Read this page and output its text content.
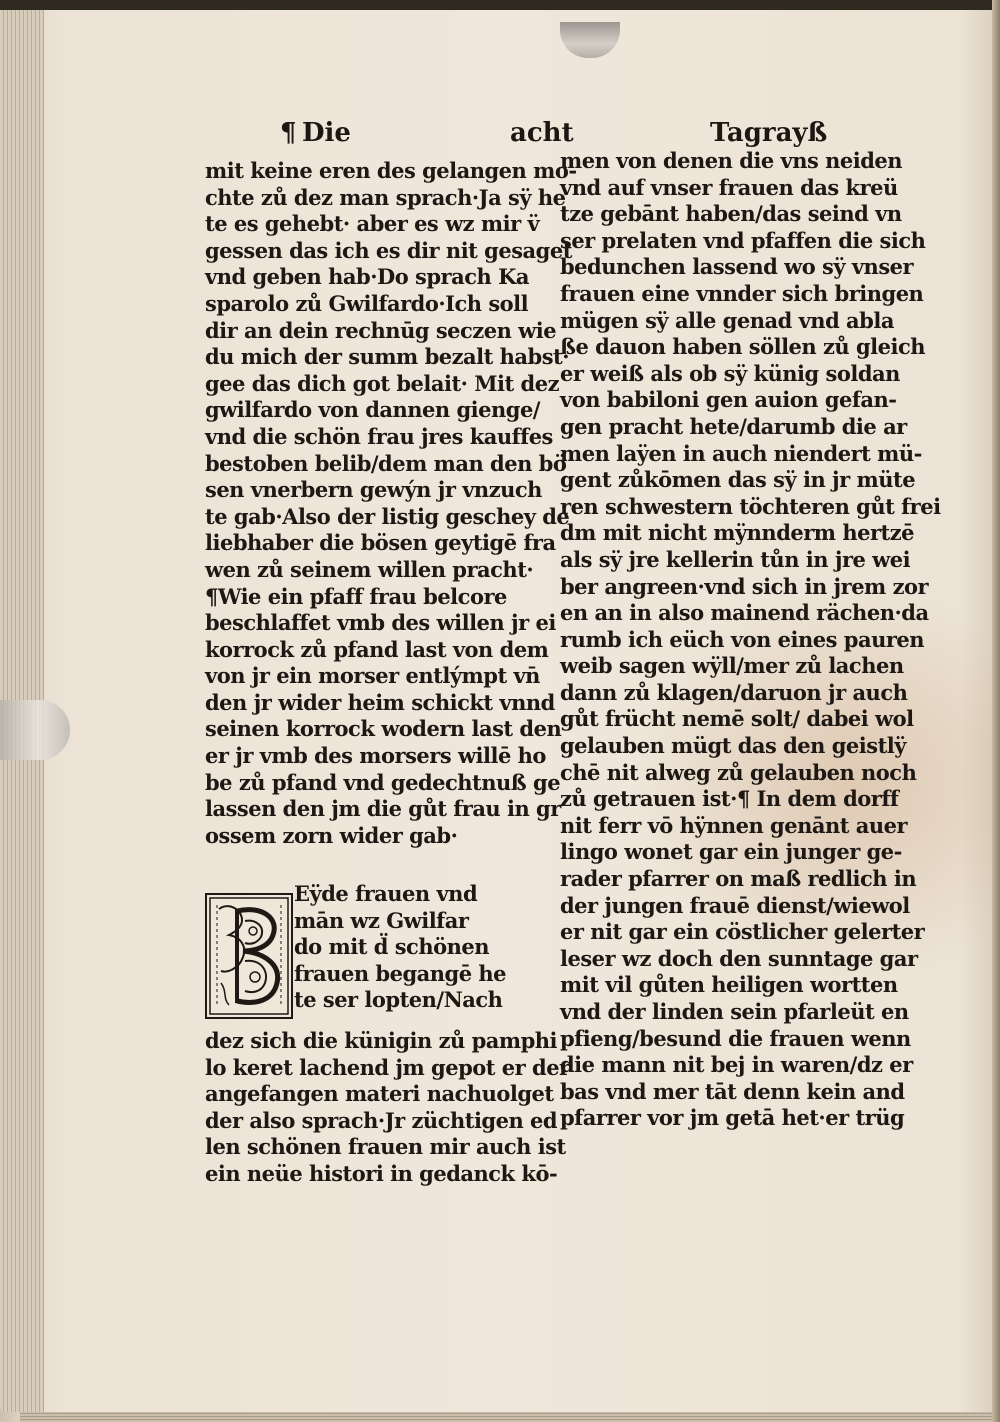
¶ Die	acht	Tagrayß
mit keine eren des gelangen mo-
chte zů dez man sprach·Ja sÿ he
te es gehebt· aber es wz mir v̈
gessen das ich es dir nit gesaget
vnd geben hab·Do sprach Ka
sparolo zů Gwilfardo·Ich soll
dir an dein rechnūg seczen wie
du mich der summ bezalt habst·
gee das dich got belait· Mit dez
gwilfardo von dannen gienge/
vnd die schön frau jres kauffes
bestoben belib/dem man den bö
sen vnerbern gewýn jr vnzuch
te gab·Also der listig geschey de
liebhaber die bösen geytigē fra
wen zů seinem willen pracht·
¶Wie ein pfaff frau belcore
beschlaffet vmb des willen jr ei
korrock zů pfand last von dem
von jr ein morser entlýmpt vn̄
den jr wider heim schickt vnnd
seinen korrock wodern last den
er jr vmb des morsers willē ho
be zů pfand vnd gedechtnuß ge
lassen den jm die gůt frau in gr
ossem zorn wider gab·
Eÿde frauen vnd
mān wz Gwilfar
do mit d̈ schönen
frauen begangē he
te ser lopten/Nach
dez sich die künigin zů pamphi
lo keret lachend jm gepot er der
angefangen materi nachuolget
der also sprach·Jr züchtigen ed
len schönen frauen mir auch ist
ein neüe histori in gedanck kō-
men von denen die vns neiden
vnd auf vnser frauen das kreü
tze gebānt haben/das seind vn
ser prelaten vnd pfaffen die sich
bedunchen lassend wo sÿ vnser
frauen eine vnnder sich bringen
mügen sÿ alle genad vnd abla
ße dauon haben söllen zů gleich
er weiß als ob sÿ künig soldan
von babiloni gen auion gefan-
gen pracht hete/darumb die ar
men laÿen in auch niendert mü-
gent zůkōmen das sÿ in jr müte
ren schwestern töchteren gůt frei
dm mit nicht mÿnnderm hertzē
als sÿ jre kellerin tůn in jre wei
ber angreen·vnd sich in jrem zor
en an in also mainend rächen·da
rumb ich eüch von eines pauren
weib sagen wÿll/mer zů lachen
dann zů klagen/daruon jr auch
gůt frücht nemē solt/ dabei wol
gelauben mügt das den geistlÿ
chē nit alweg zů gelauben noch
zů getrauen ist·¶ In dem dorff
nit ferr vō hÿnnen genānt auer
lingo wonet gar ein junger ge-
rader pfarrer on maß redlich in
der jungen frauē dienst/wiewol
er nit gar ein cöstlicher gelerter
leser wz doch den sunntage gar
mit vil gůten heiligen wortten
vnd der linden sein pfarleüt en
pfieng/besund die frauen wenn
die mann nit bej in waren/dz er
bas vnd mer tāt denn kein and
pfarrer vor jm getā het·er trüg
